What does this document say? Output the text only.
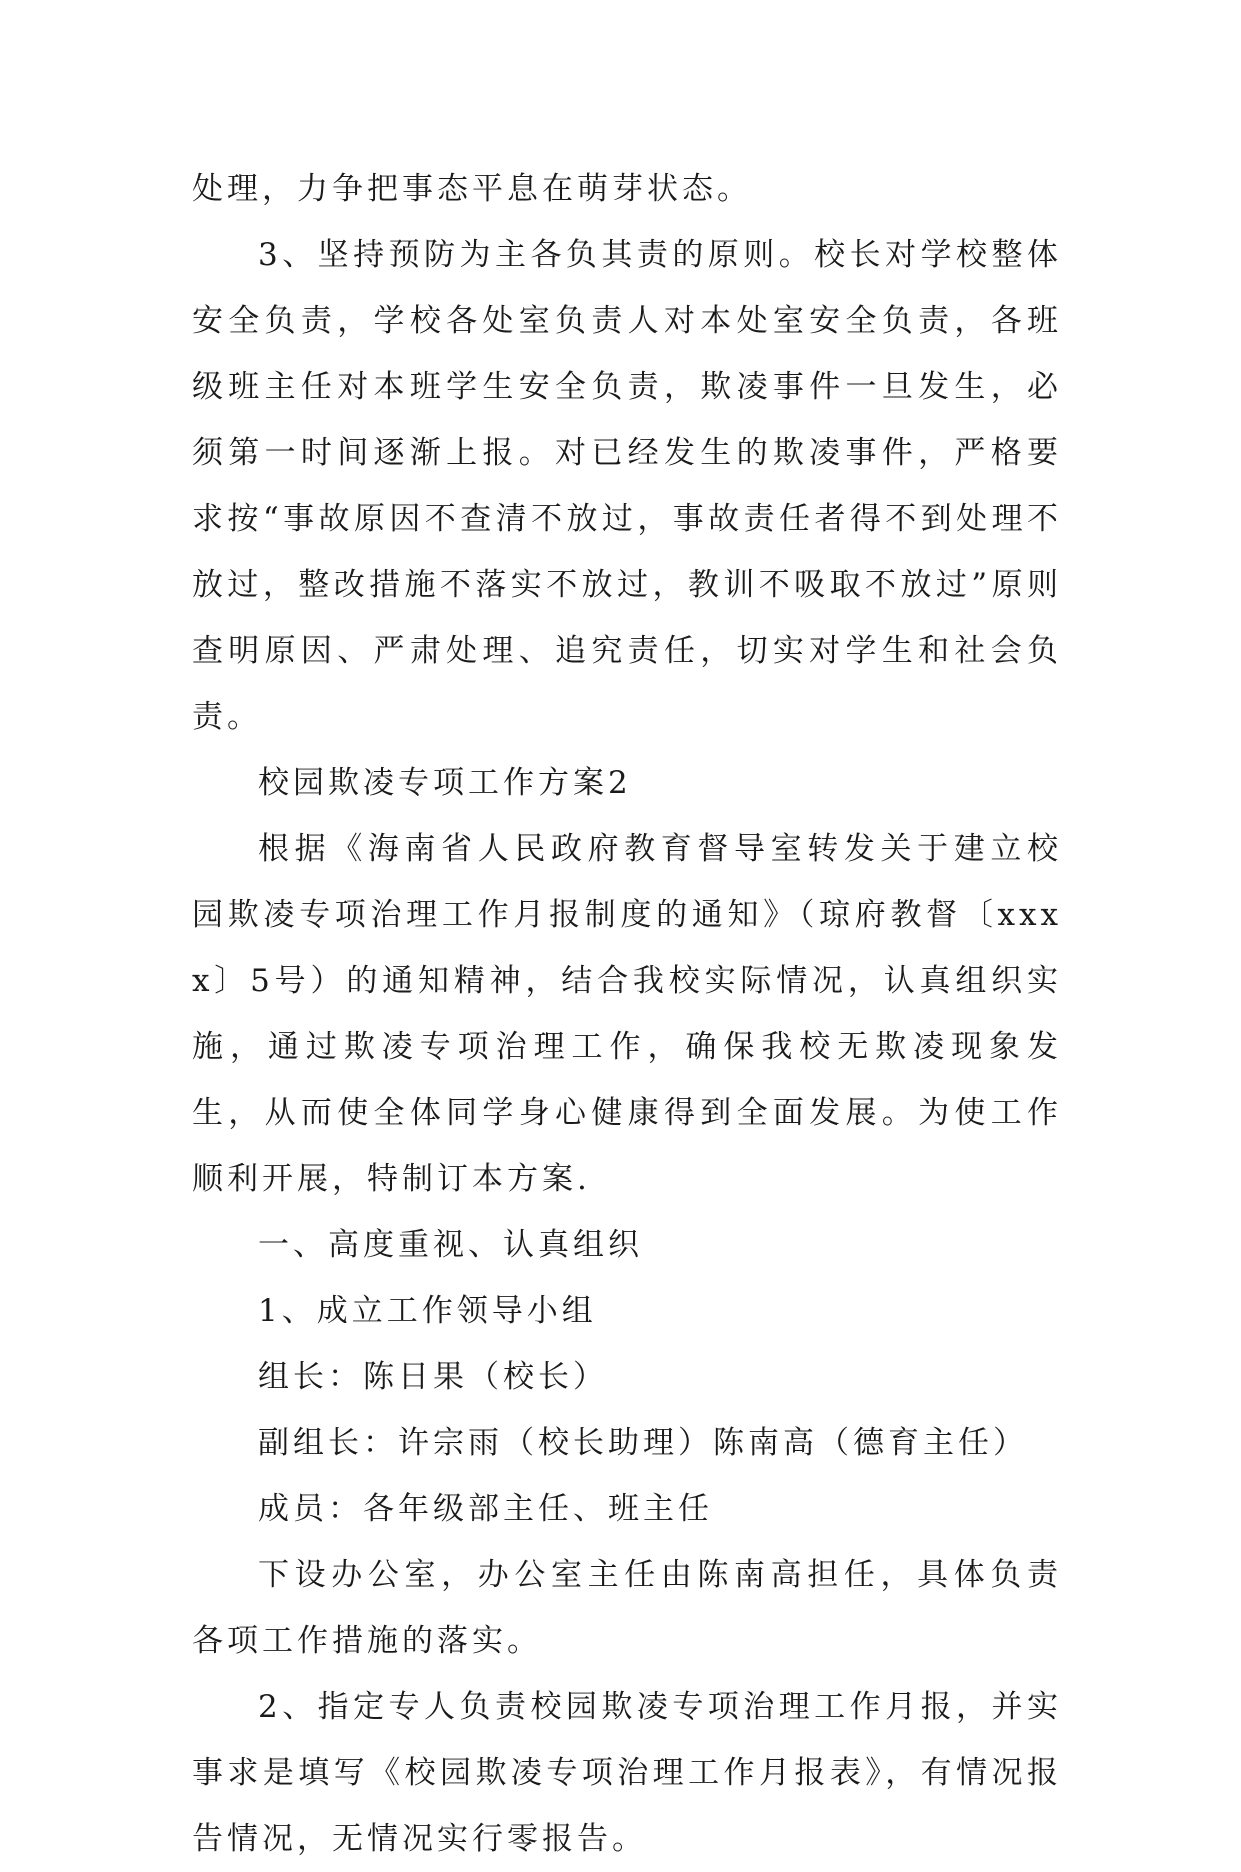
处理，力争把事态平息在萌芽状态。

3、坚持预防为主各负其责的原则。校长对学校整体安全负责，学校各处室负责人对本处室安全负责，各班级班主任对本班学生安全负责，欺凌事件一旦发生，必须第一时间逐渐上报。对已经发生的欺凌事件，严格要求按“事故原因不查清不放过，事故责任者得不到处理不放过，整改措施不落实不放过，教训不吸取不放过”原则查明原因、严肃处理、追究责任，切实对学生和社会负责。

校园欺凌专项工作方案2

根据《海南省人民政府教育督导室转发关于建立校园欺凌专项治理工作月报制度的通知》（琼府教督〔xxxx〕5号）的通知精神，结合我校实际情况，认真组织实施，通过欺凌专项治理工作，确保我校无欺凌现象发生，从而使全体同学身心健康得到全面发展。为使工作顺利开展，特制订本方案.

一、高度重视、认真组织

1、成立工作领导小组

组长：陈日果（校长）

副组长：许宗雨（校长助理）陈南高（德育主任）

成员：各年级部主任、班主任

下设办公室，办公室主任由陈南高担任，具体负责各项工作措施的落实。

2、指定专人负责校园欺凌专项治理工作月报，并实事求是填写《校园欺凌专项治理工作月报表》，有情况报告情况，无情况实行零报告。
